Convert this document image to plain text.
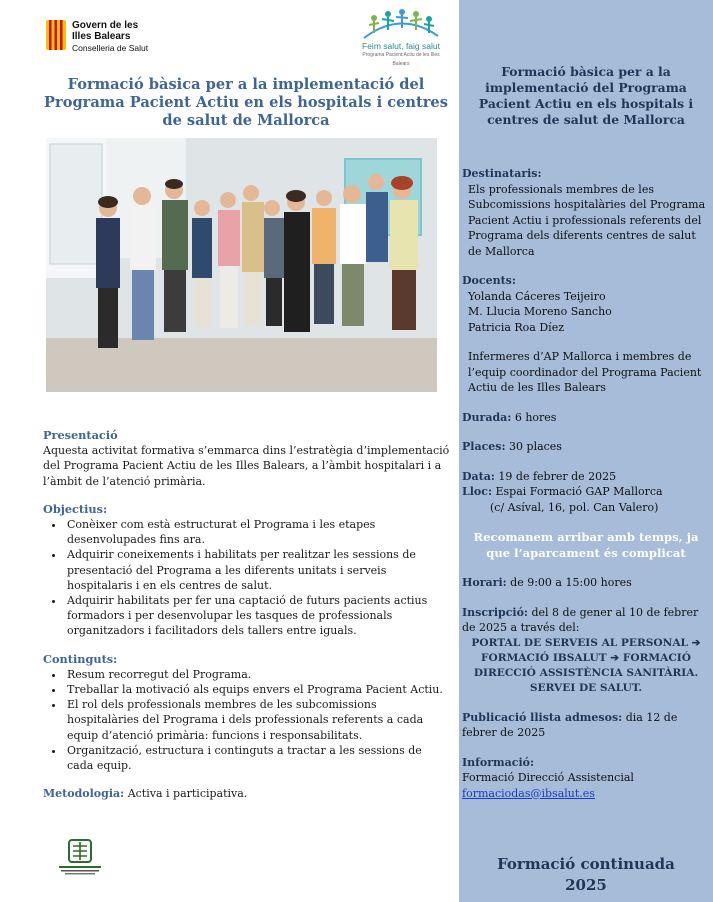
Govern de les
Illes Balears
Conselleria de Salut	Feim salut, faig salut
Programa Pacient Actiu de les Illes Balears
Formació bàsica per a la implementació del Programa Pacient Actiu en els hospitals i centres de salut de Mallorca

Presentació

Aquesta activitat formativa s’emmarca dins l’estratègia d’implementació del Programa Pacient Actiu de les Illes Balears, a l’àmbit hospitalari i a l’àmbit de l’atenció primària.

Objectius:

• Conèixer com està estructurat el Programa i les etapes desenvolupades fins ara.
• Adquirir coneixements i habilitats per realitzar les sessions de presentació del Programa a les diferents unitats i serveis hospitalaris i en els centres de salut.
• Adquirir habilitats per fer una captació de futurs pacients actius formadors i per desenvolupar les tasques de professionals organitzadors i facilitadors dels tallers entre iguals.

Continguts:

• Resum recorregut del Programa.
• Treballar la motivació als equips envers el Programa Pacient Actiu.
• El rol dels professionals membres de les subcomissions hospitalàries del Programa i dels professionals referents a cada equip d’atenció primària: funcions i responsabilitats.
• Organització, estructura i continguts a tractar a les sessions de cada equip.

Metodologia: Activa i participativa.

Formació bàsica per a la implementació del Programa Pacient Actiu en els hospitals i centres de salut de Mallorca

Destinataris:

Els professionals membres de les Subcomissions hospitalàries del Programa Pacient Actiu i professionals referents del Programa dels diferents centres de salut de Mallorca

Docents:

Yolanda Cáceres Teijeiro

M. Llucia Moreno Sancho

Patricia Roa Díez

Infermeres d’AP Mallorca i membres de l’equip coordinador del Programa Pacient Actiu de les Illes Balears

Durada: 6 hores

Places: 30 places

Data: 19 de febrer de 2025

Lloc: Espai Formació GAP Mallorca

(c/ Asíval, 16, pol. Can Valero)

Recomanem arribar amb temps, ja que l’aparcament és complicat

Horari: de 9:00 a 15:00 hores

Inscripció: del 8 de gener al 10 de febrer de 2025 a través del:

PORTAL DE SERVEIS AL PERSONAL ➔ FORMACIÓ IBSALUT ➔ FORMACIÓ DIRECCIÓ ASSISTÈNCIA SANITÀRIA. SERVEI DE SALUT.

Publicació llista admesos: dia 12 de febrer de 2025

Informació:

Formació Direcció Assistencial

formaciodas@ibsalut.es

Formació continuada
2025
